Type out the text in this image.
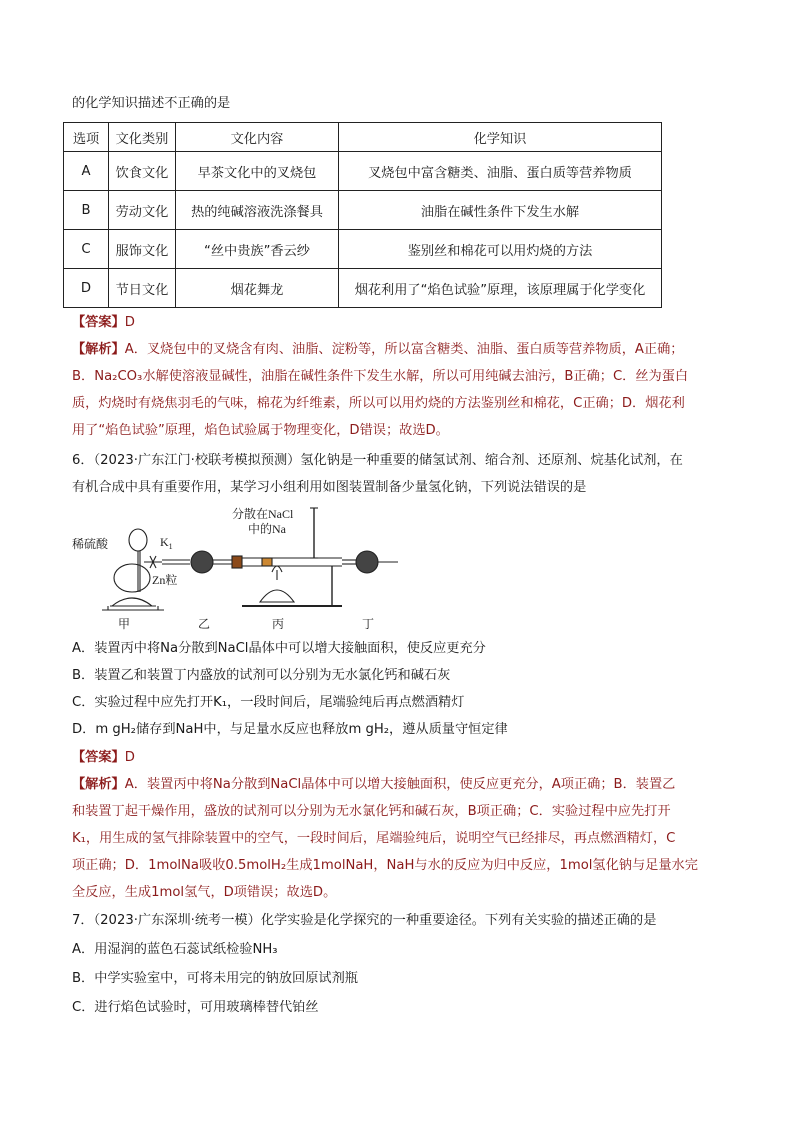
的化学知识描述不正确的是
选项	文化类别	文化内容	化学知识
A	饮食文化	早茶文化中的叉烧包	叉烧包中富含糖类、油脂、蛋白质等营养物质
B	劳动文化	热的纯碱溶液洗涤餐具	油脂在碱性条件下发生水解
C	服饰文化	“丝中贵族”香云纱	鉴别丝和棉花可以用灼烧的方法
D	节日文化	烟花舞龙	烟花利用了“焰色试验”原理，该原理属于化学变化
【答案】D
【解析】A．叉烧包中的叉烧含有肉、油脂、淀粉等，所以富含糖类、油脂、蛋白质等营养物质，A正确；
B．Na₂CO₃水解使溶液显碱性，油脂在碱性条件下发生水解，所以可用纯碱去油污，B正确；C．丝为蛋白
质，灼烧时有烧焦羽毛的气味，棉花为纤维素，所以可以用灼烧的方法鉴别丝和棉花，C正确；D．烟花利
用了“焰色试验”原理，焰色试验属于物理变化，D错误；故选D。
6．（2023·广东江门·校联考模拟预测）氢化钠是一种重要的储氢试剂、缩合剂、还原剂、烷基化试剂，在
有机合成中具有重要作用，某学习小组利用如图装置制备少量氢化钠，下列说法错误的是
稀硫酸	$K_1$
Zn粒
分散在NaCl
中的Na
甲	乙	丙	丁
A．装置丙中将Na分散到NaCl晶体中可以增大接触面积，使反应更充分
B．装置乙和装置丁内盛放的试剂可以分别为无水氯化钙和碱石灰
C．实验过程中应先打开K₁，一段时间后，尾端验纯后再点燃酒精灯
D．m gH₂储存到NaH中，与足量水反应也释放m gH₂，遵从质量守恒定律
【答案】D
【解析】A．装置丙中将Na分散到NaCl晶体中可以增大接触面积，使反应更充分，A项正确；B．装置乙
和装置丁起干燥作用，盛放的试剂可以分别为无水氯化钙和碱石灰，B项正确；C．实验过程中应先打开
K₁，用生成的氢气排除装置中的空气，一段时间后，尾端验纯后，说明空气已经排尽，再点燃酒精灯，C
项正确；D．1molNa吸收0.5molH₂生成1molNaH，NaH与水的反应为归中反应，1mol氢化钠与足量水完
全反应，生成1mol氢气，D项错误；故选D。
7．（2023·广东深圳·统考一模）化学实验是化学探究的一种重要途径。下列有关实验的描述正确的是
A．用湿润的蓝色石蕊试纸检验NH₃
B．中学实验室中，可将未用完的钠放回原试剂瓶
C．进行焰色试验时，可用玻璃棒替代铂丝
